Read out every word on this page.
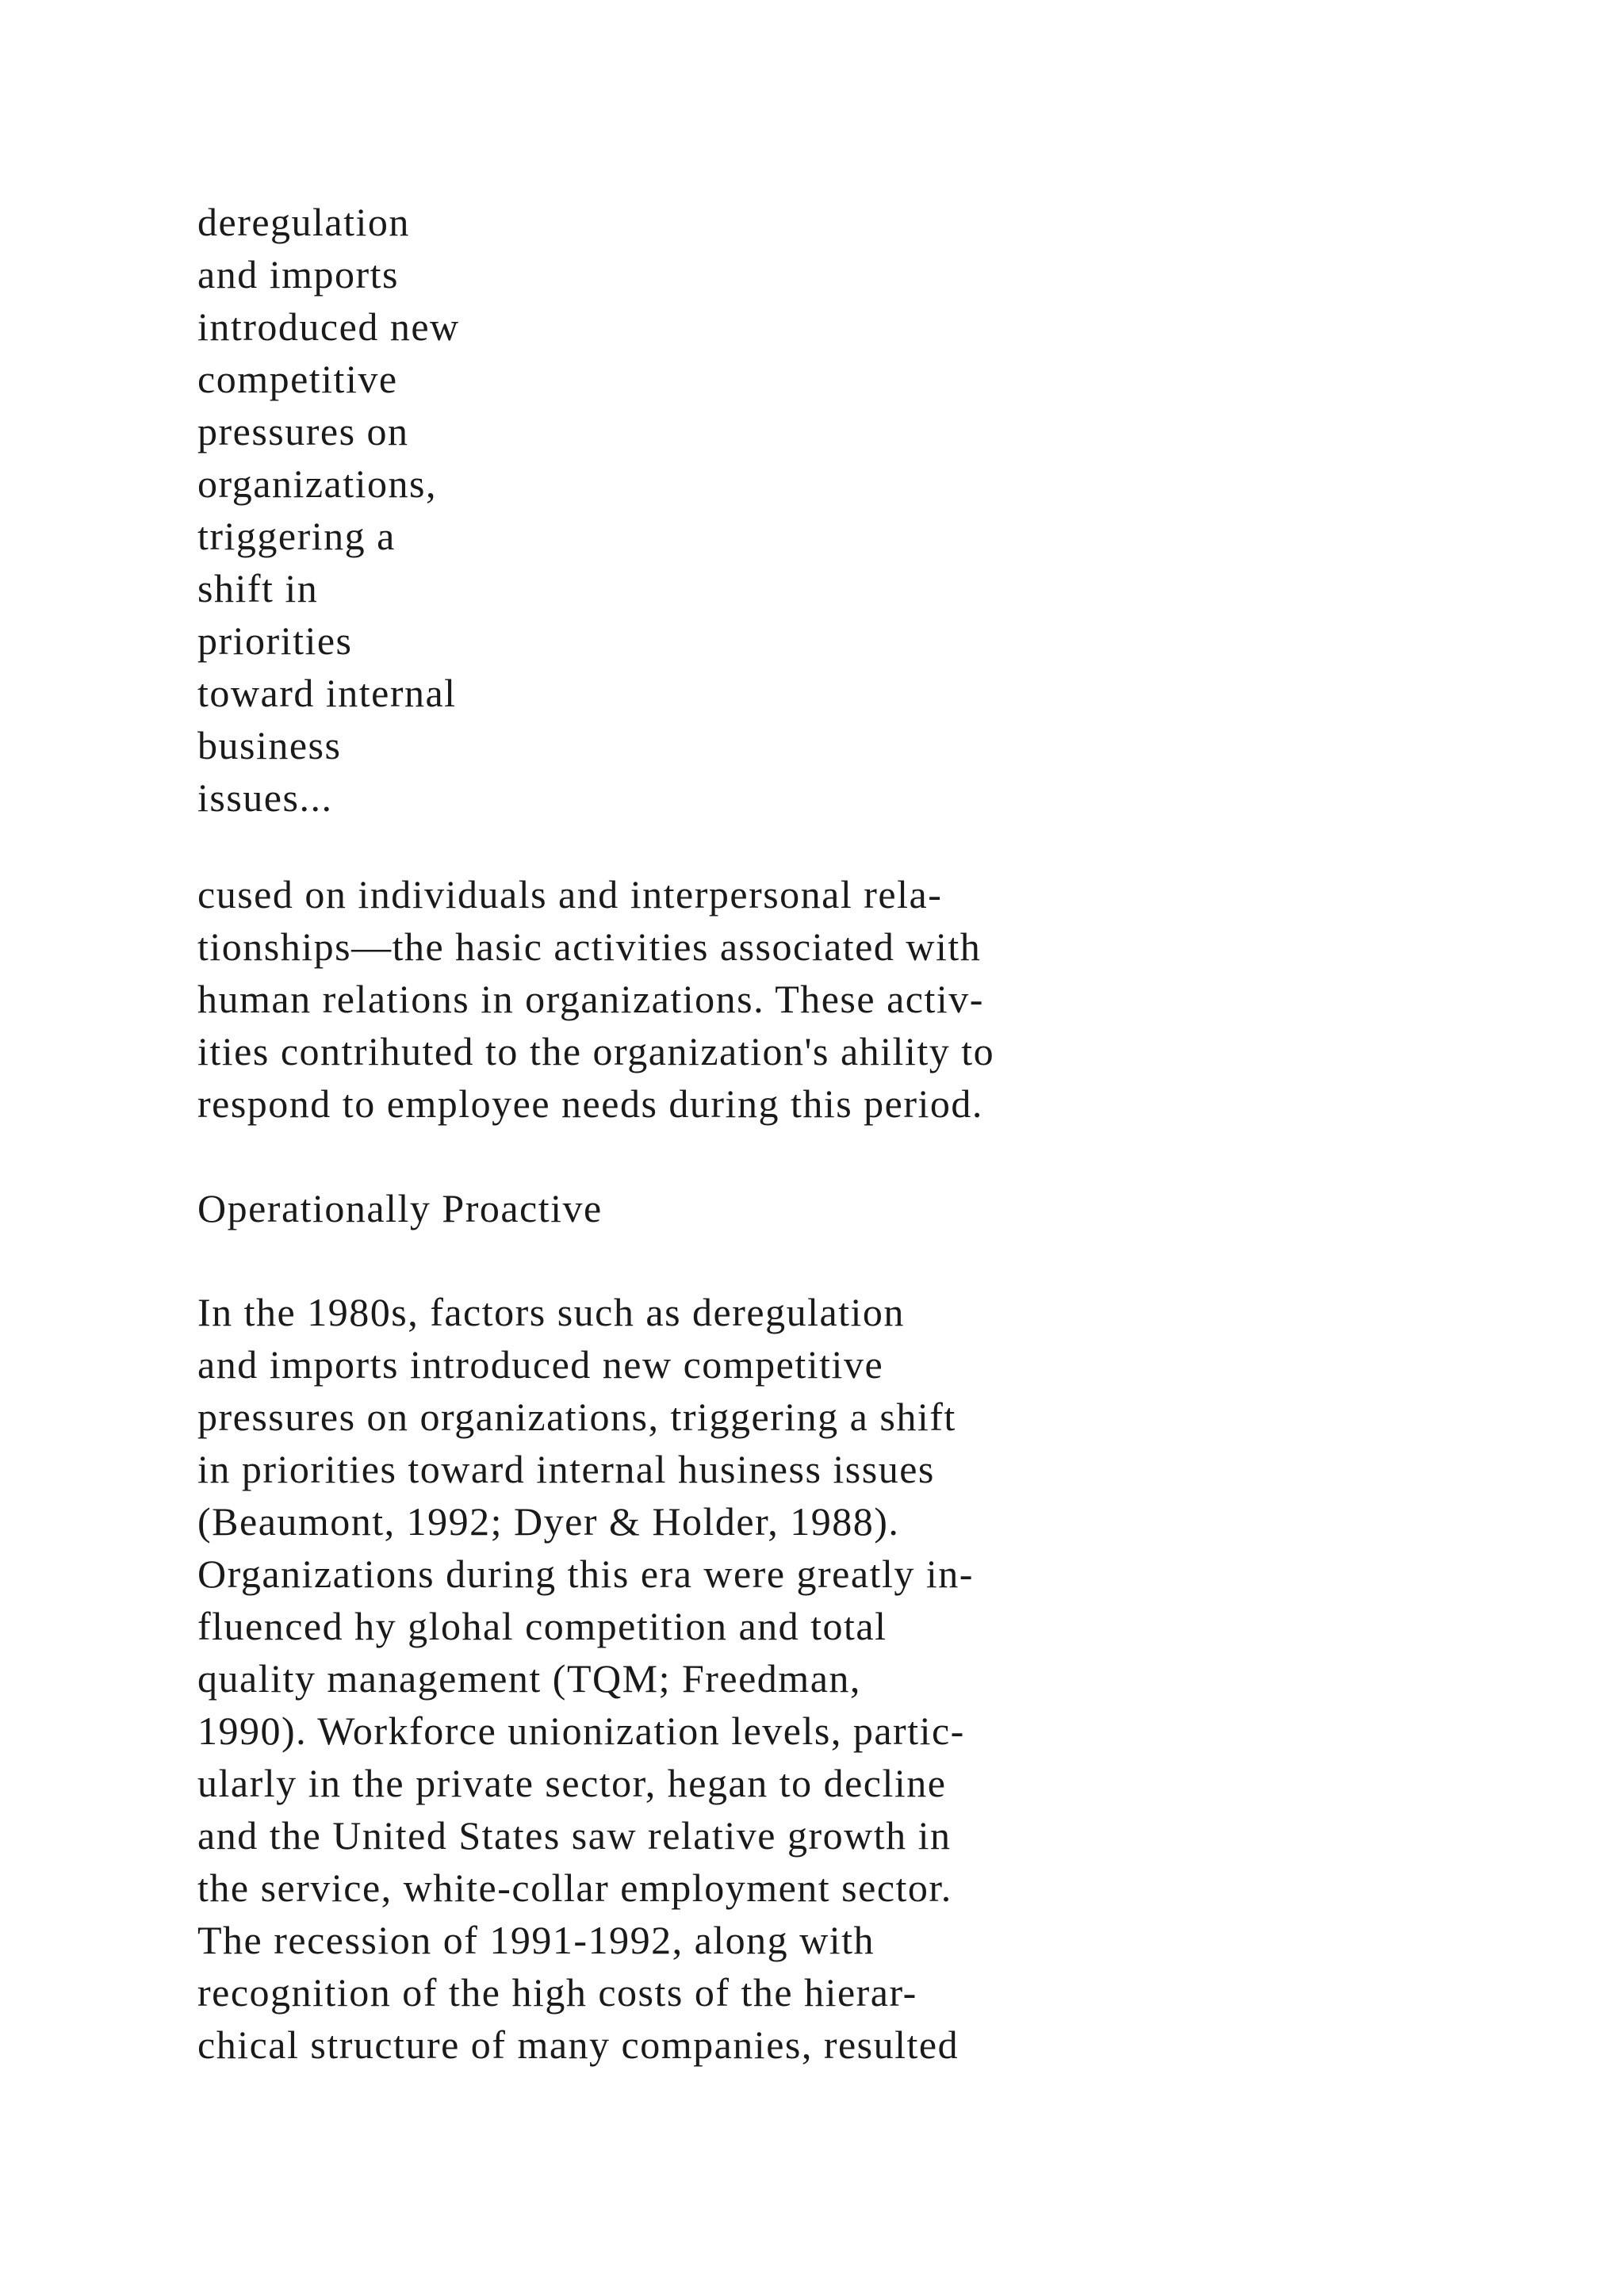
deregulation
and imports
introduced new
competitive
pressures on
organizations,
triggering a
shift in
priorities
toward internal
business
issues...

cused on individuals and interpersonal rela-
tionships—the hasic activities associated with
human relations in organizations. These activ-
ities contrihuted to the organization's ahility to
respond to employee needs during this period.

Operationally Proactive

In the 1980s, factors such as deregulation
and imports introduced new competitive
pressures on organizations, triggering a shift
in priorities toward internal husiness issues
(Beaumont, 1992; Dyer & Holder, 1988).
Organizations during this era were greatly in-
fluenced hy glohal competition and total
quality management (TQM; Freedman,
1990). Workforce unionization levels, partic-
ularly in the private sector, hegan to decline
and the United States saw relative growth in
the service, white-collar employment sector.
The recession of 1991-1992, along with
recognition of the high costs of the hierar-
chical structure of many companies, resulted
